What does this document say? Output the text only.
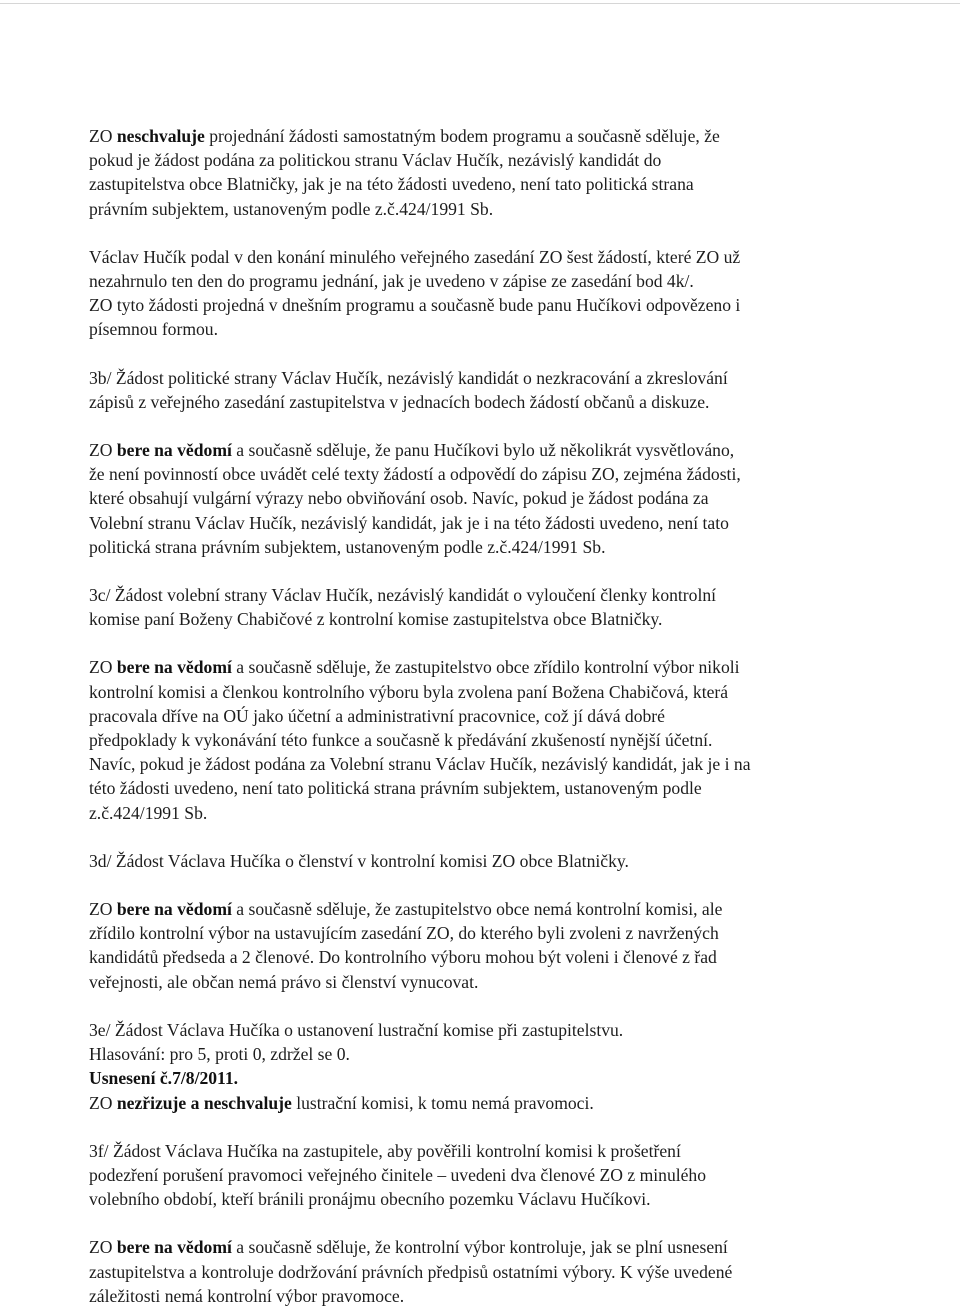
ZO neschvaluje projednání žádosti samostatným bodem programu a současně sděluje, že
pokud je žádost podána za politickou stranu Václav Hučík, nezávislý kandidát do
zastupitelstva obce Blatničky, jak je na této žádosti uvedeno, není tato politická strana
právním subjektem, ustanoveným podle z.č.424/1991 Sb.

Václav Hučík podal v den konání minulého veřejného zasedání ZO šest žádostí, které ZO už
nezahrnulo ten den do programu jednání, jak je uvedeno v zápise ze zasedání bod 4k/.
ZO tyto žádosti projedná v dnešním programu a současně bude panu Hučíkovi odpovězeno i
písemnou formou.

3b/ Žádost politické strany Václav Hučík, nezávislý kandidát o nezkracování a zkreslování
zápisů z veřejného zasedání zastupitelstva v jednacích bodech žádostí občanů a diskuze.

ZO bere na vědomí a současně sděluje, že panu Hučíkovi bylo už několikrát vysvětlováno,
že není povinností obce uvádět celé texty žádostí a odpovědí do zápisu ZO, zejména žádosti,
které obsahují vulgární výrazy nebo obviňování osob. Navíc, pokud je žádost podána za
Volební stranu Václav Hučík, nezávislý kandidát, jak je i na této žádosti uvedeno, není tato
politická strana právním subjektem, ustanoveným podle z.č.424/1991 Sb.

3c/ Žádost volební strany Václav Hučík, nezávislý kandidát o vyloučení členky kontrolní
komise paní Boženy Chabičové z kontrolní komise zastupitelstva obce Blatničky.

ZO bere na vědomí a současně sděluje, že zastupitelstvo obce zřídilo kontrolní výbor nikoli
kontrolní komisi a členkou kontrolního výboru byla zvolena paní Božena Chabičová, která
pracovala dříve na OÚ jako účetní a administrativní pracovnice, což jí dává dobré
předpoklady k vykonávání této funkce a současně k předávání zkušeností nynější účetní.
Navíc, pokud je žádost podána za Volební stranu Václav Hučík, nezávislý kandidát, jak je i na
této žádosti uvedeno, není tato politická strana právním subjektem, ustanoveným podle
z.č.424/1991 Sb.

3d/ Žádost Václava Hučíka o členství v kontrolní komisi ZO obce Blatničky.

ZO bere na vědomí a současně sděluje, že zastupitelstvo obce nemá kontrolní komisi, ale
zřídilo kontrolní výbor na ustavujícím zasedání ZO, do kterého byli zvoleni z navržených
kandidátů předseda a 2 členové. Do kontrolního výboru mohou být voleni i členové z řad
veřejnosti, ale občan nemá právo si členství vynucovat.

3e/ Žádost Václava Hučíka o ustanovení lustrační komise při zastupitelstvu.

Hlasování: pro 5, proti 0, zdržel se 0.

Usnesení č.7/8/2011.

ZO nezřizuje a neschvaluje lustrační komisi, k tomu nemá pravomoci.

3f/ Žádost Václava Hučíka na zastupitele, aby pověřili kontrolní komisi k prošetření
podezření porušení pravomoci veřejného činitele – uvedeni dva členové ZO z minulého
volebního období, kteří bránili pronájmu obecního pozemku Václavu Hučíkovi.

ZO bere na vědomí a současně sděluje, že kontrolní výbor kontroluje, jak se plní usnesení
zastupitelstva a kontroluje dodržování právních předpisů ostatními výbory. K výše uvedené
záležitosti nemá kontrolní výbor pravomoce.
